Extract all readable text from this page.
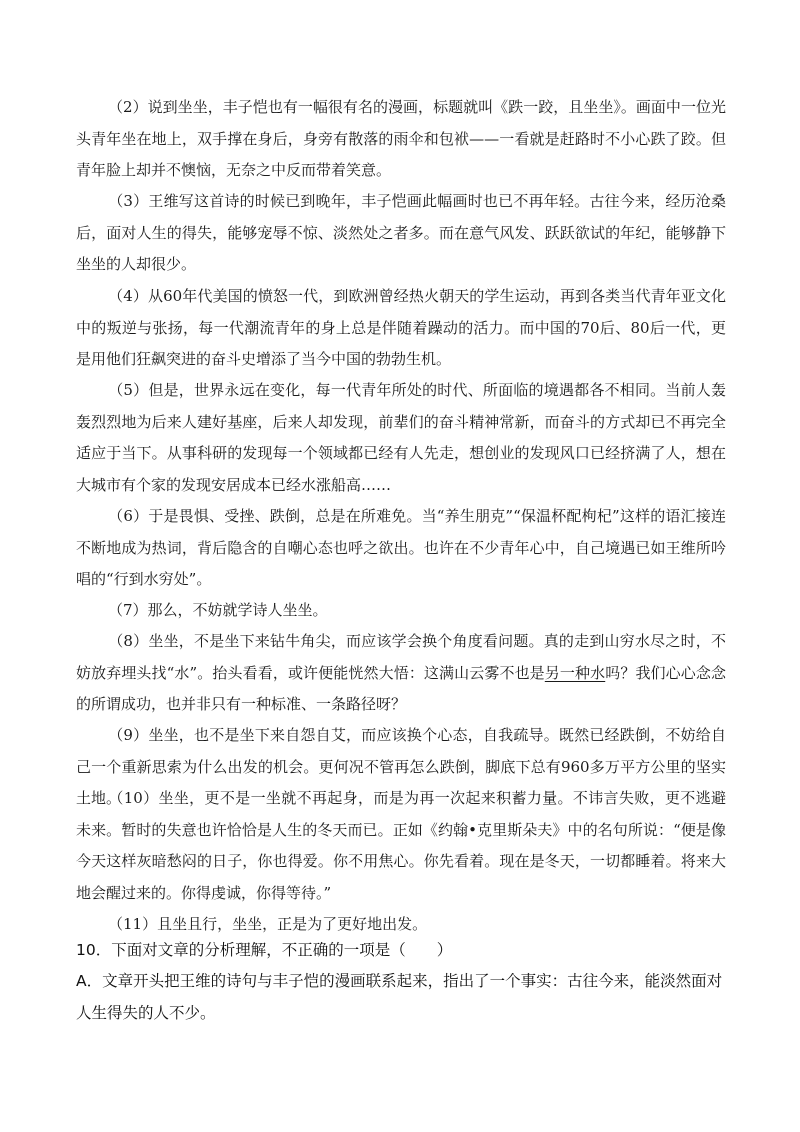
（2）说到坐坐，丰子恺也有一幅很有名的漫画，标题就叫《跌一跤，且坐坐》。画面中一位光头青年坐在地上，双手撑在身后，身旁有散落的雨伞和包袱——一看就是赶路时不小心跌了跤。但青年脸上却并不懊恼，无奈之中反而带着笑意。
（3）王维写这首诗的时候已到晚年，丰子恺画此幅画时也已不再年轻。古往今来，经历沧桑后，面对人生的得失，能够宠辱不惊、淡然处之者多。而在意气风发、跃跃欲试的年纪，能够静下坐坐的人却很少。
（4）从60年代美国的愤怒一代，到欧洲曾经热火朝天的学生运动，再到各类当代青年亚文化中的叛逆与张扬，每一代潮流青年的身上总是伴随着躁动的活力。而中国的70后、80后一代，更是用他们狂飙突进的奋斗史增添了当今中国的勃勃生机。
（5）但是，世界永远在变化，每一代青年所处的时代、所面临的境遇都各不相同。当前人轰轰烈烈地为后来人建好基座，后来人却发现，前辈们的奋斗精神常新，而奋斗的方式却已不再完全适应于当下。从事科研的发现每一个领域都已经有人先走，想创业的发现风口已经挤满了人，想在大城市有个家的发现安居成本已经水涨船高……
（6）于是畏惧、受挫、跌倒，总是在所难免。当“养生朋克”“保温杯配枸杞”这样的语汇接连不断地成为热词，背后隐含的自嘲心态也呼之欲出。也许在不少青年心中，自己境遇已如王维所吟唱的“行到水穷处”。
（7）那么，不妨就学诗人坐坐。
（8）坐坐，不是坐下来钻牛角尖，而应该学会换个角度看问题。真的走到山穷水尽之时，不妨放弃埋头找“水”。抬头看看，或许便能恍然大悟：这满山云雾不也是另一种水吗？我们心心念念的所谓成功，也并非只有一种标准、一条路径呀？
（9）坐坐，也不是坐下来自怨自艾，而应该换个心态，自我疏导。既然已经跌倒，不妨给自己一个重新思索为什么出发的机会。更何况不管再怎么跌倒，脚底下总有960多万平方公里的坚实土地。
（10）坐坐，更不是一坐就不再起身，而是为再一次起来积蓄力量。不讳言失败，更不逃避未来。暂时的失意也许恰恰是人生的冬天而已。正如《约翰•克里斯朵夫》中的名句所说：“便是像今天这样灰暗愁闷的日子，你也得爱。你不用焦心。你先看着。现在是冬天，一切都睡着。将来大地会醒过来的。你得虔诚，你得等待。”
（11）且坐且行，坐坐，正是为了更好地出发。
10．下面对文章的分析理解，不正确的一项是（　　）
A．文章开头把王维的诗句与丰子恺的漫画联系起来，指出了一个事实：古往今来，能淡然面对人生得失的人不少。
